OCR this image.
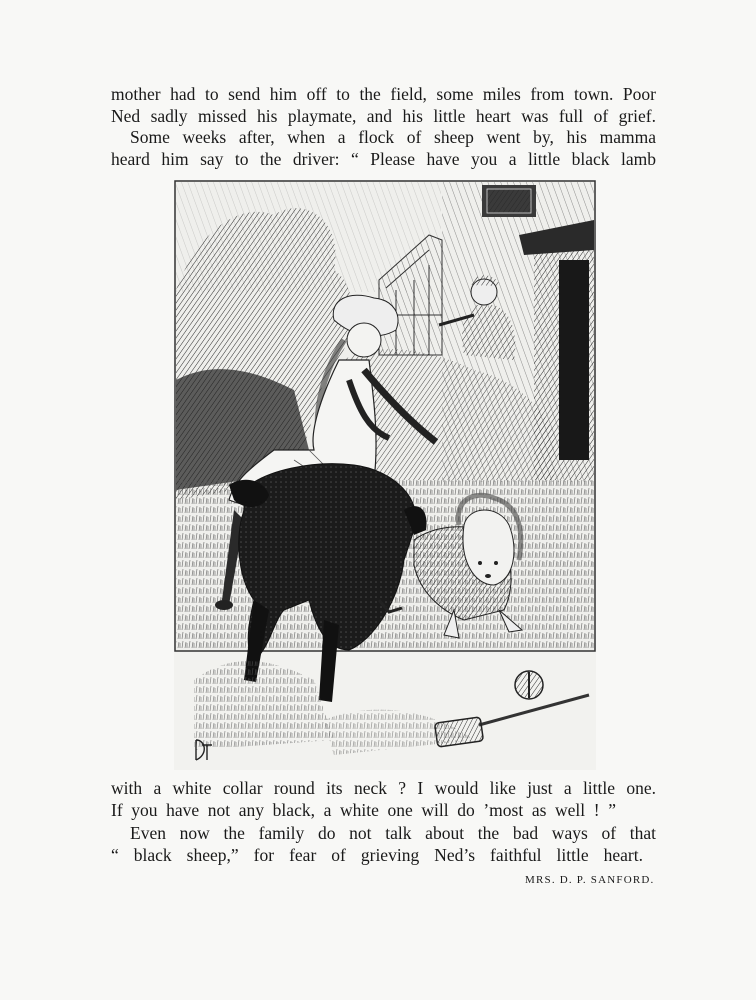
mother had to send him off to the field, some miles from town. Poor
Ned sadly missed his playmate, and his little heart was full of grief.
Some weeks after, when a flock of sheep went by, his mamma
heard him say to the driver: “ Please have you a little black lamb
with a white collar round its neck ? I would like just a little one.
If you have not any black, a white one will do ’most as well ! ”
Even now the family do not talk about the bad ways of that
“ black sheep,” for fear of grieving Ned’s faithful little heart.
MRS. D. P. SANFORD.
